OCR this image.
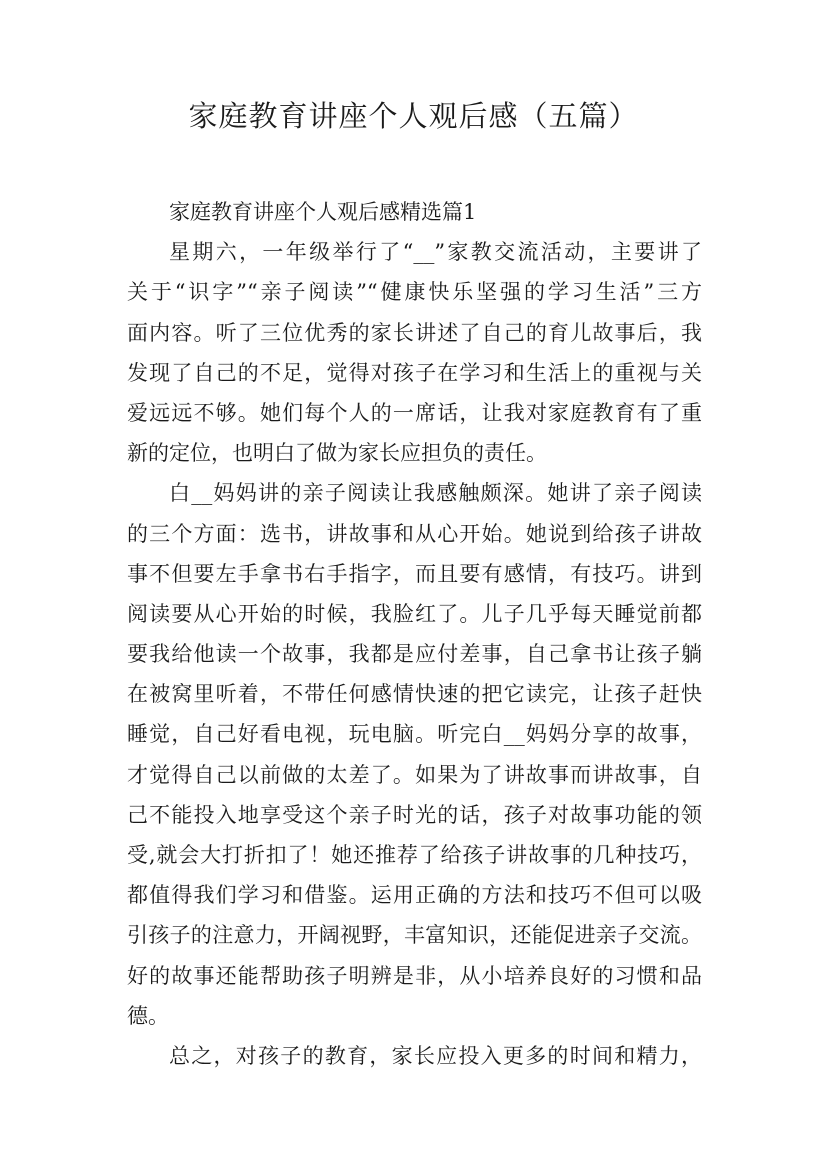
家庭教育讲座个人观后感（五篇）
家庭教育讲座个人观后感精选篇1
星期六，一年级举行了“__”家教交流活动，主要讲了
关于“识字”“亲子阅读”“健康快乐坚强的学习生活”三方
面内容。听了三位优秀的家长讲述了自己的育儿故事后，我
发现了自己的不足，觉得对孩子在学习和生活上的重视与关
爱远远不够。她们每个人的一席话，让我对家庭教育有了重
新的定位，也明白了做为家长应担负的责任。
白__妈妈讲的亲子阅读让我感触颇深。她讲了亲子阅读
的三个方面：选书，讲故事和从心开始。她说到给孩子讲故
事不但要左手拿书右手指字，而且要有感情，有技巧。讲到
阅读要从心开始的时候，我脸红了。儿子几乎每天睡觉前都
要我给他读一个故事，我都是应付差事，自己拿书让孩子躺
在被窝里听着，不带任何感情快速的把它读完，让孩子赶快
睡觉，自己好看电视，玩电脑。听完白__妈妈分享的故事，
才觉得自己以前做的太差了。如果为了讲故事而讲故事，自
己不能投入地享受这个亲子时光的话，孩子对故事功能的领
受,就会大打折扣了！她还推荐了给孩子讲故事的几种技巧，
都值得我们学习和借鉴。运用正确的方法和技巧不但可以吸
引孩子的注意力，开阔视野，丰富知识，还能促进亲子交流。
好的故事还能帮助孩子明辨是非，从小培养良好的习惯和品
德。
总之，对孩子的教育，家长应投入更多的时间和精力，
